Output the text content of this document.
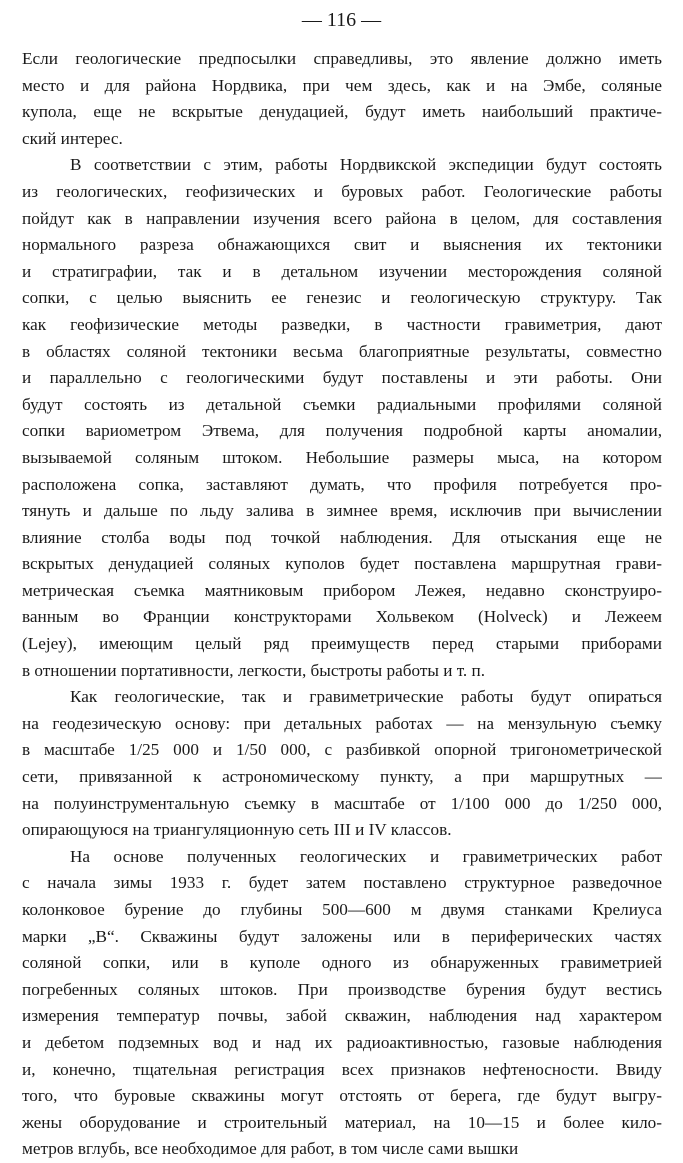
— 116 —
Если геологические предпосылки справедливы, это явление должно иметь
место и для района Нордвика, при чем здесь, как и на Эмбе, соляные
купола, еще не вскрытые денудацией, будут иметь наибольший практиче-
ский интерес.
В соответствии с этим, работы Нордвикской экспедиции будут состоять
из геологических, геофизических и буровых работ. Геологические работы
пойдут как в направлении изучения всего района в целом, для составления
нормального разреза обнажающихся свит и выяснения их тектоники
и стратиграфии, так и в детальном изучении месторождения соляной
сопки, с целью выяснить ее генезис и геологическую структуру. Так
как геофизические методы разведки, в частности гравиметрия, дают
в областях соляной тектоники весьма благоприятные результаты, совместно
и параллельно с геологическими будут поставлены и эти работы. Они
будут состоять из детальной съемки радиальными профилями соляной
сопки вариометром Этвема, для получения подробной карты аномалии,
вызываемой соляным штоком. Небольшие размеры мыса, на котором
расположена сопка, заставляют думать, что профиля потребуется про-
тянуть и дальше по льду залива в зимнее время, исключив при вычислении
влияние столба воды под точкой наблюдения. Для отыскания еще не
вскрытых денудацией соляных куполов будет поставлена маршрутная грави-
метрическая съемка маятниковым прибором Лежея, недавно сконструиро-
ванным во Франции конструкторами Хольвеком (Holveck) и Лежеем
(Lejey), имеющим целый ряд преимуществ перед старыми приборами
в отношении портативности, легкости, быстроты работы и т. п.
Как геологические, так и гравиметрические работы будут опираться
на геодезическую основу: при детальных работах — на мензульную съемку
в масштабе 1/25 000 и 1/50 000, с разбивкой опорной тригонометрической
сети, привязанной к астрономическому пункту, а при маршрутных —
на полуинструментальную съемку в масштабе от 1/100 000 до 1/250 000,
опирающуюся на триангуляционную сеть III и IV классов.
На основе полученных геологических и гравиметрических работ
с начала зимы 1933 г. будет затем поставлено структурное разведочное
колонковое бурение до глубины 500—600 м двумя станками Крелиуса
марки „В“. Скважины будут заложены или в периферических частях
соляной сопки, или в куполе одного из обнаруженных гравиметрией
погребенных соляных штоков. При производстве бурения будут вестись
измерения температур почвы, забой скважин, наблюдения над характером
и дебетом подземных вод и над их радиоактивностью, газовые наблюдения
и, конечно, тщательная регистрация всех признаков нефтеносности. Ввиду
того, что буровые скважины могут отстоять от берега, где будут выгру-
жены оборудование и строительный материал, на 10—15 и более кило-
метров вглубь, все необходимое для работ, в том числе сами вышки
